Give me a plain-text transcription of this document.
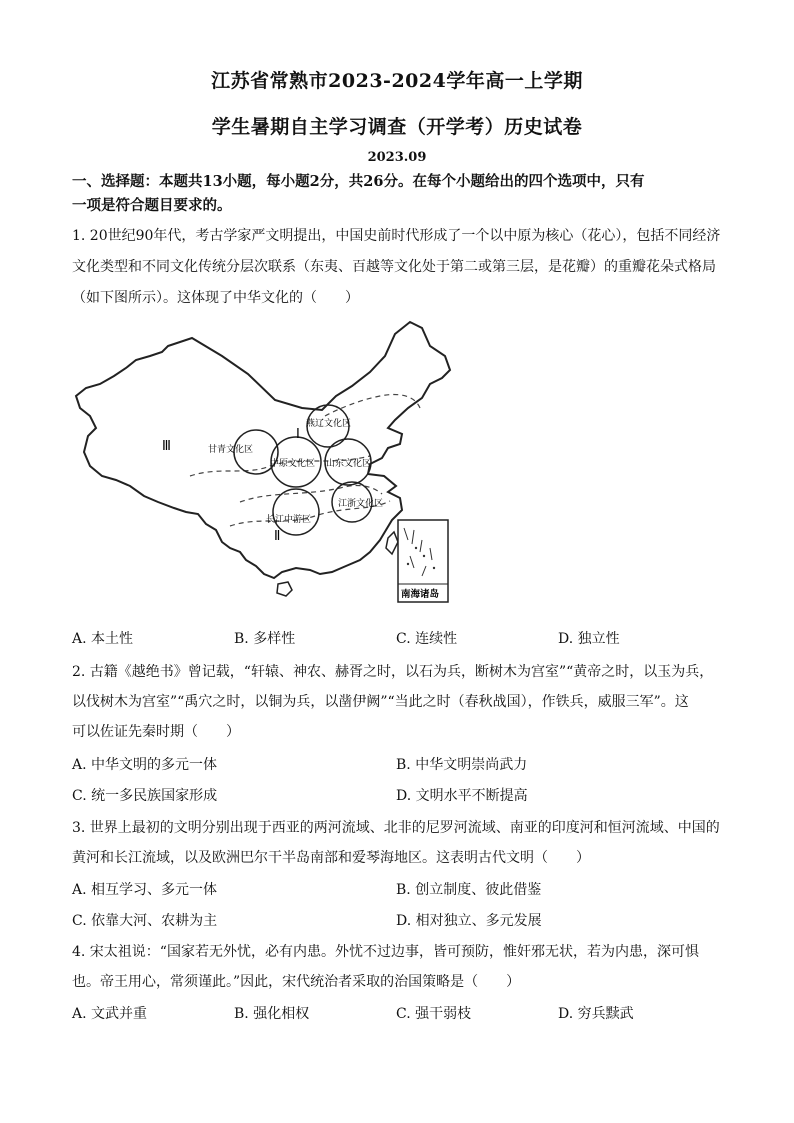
江苏省常熟市2023-2024学年高一上学期
学生暑期自主学习调查（开学考）历史试卷
2023.09
一、选择题：本题共13小题，每小题2分，共26分。在每个小题给出的四个选项中，只有
一项是符合题目要求的。
1. 20世纪90年代，考古学家严文明提出，中国史前时代形成了一个以中原为核心（花心），包括不同经济
文化类型和不同文化传统分层次联系（东夷、百越等文化处于第二或第三层，是花瓣）的重瓣花朵式格局
（如下图所示）。这体现了中华文化的（　　）
燕辽文化区
甘青文化区
中原文化区 山东文化区
长江中游区
江浙文化区
Ⅰ
Ⅱ
Ⅲ
南海诸岛
A. 本土性	B. 多样性	C. 连续性	D. 独立性
2. 古籍《越绝书》曾记载，“轩辕、神农、赫胥之时，以石为兵，断树木为宫室”“黄帝之时，以玉为兵，
以伐树木为宫室”“禹穴之时，以铜为兵，以凿伊阙”“当此之时（春秋战国），作铁兵，威服三军”。这
可以佐证先秦时期（　　）
A. 中华文明的多元一体	B. 中华文明崇尚武力
C. 统一多民族国家形成	D. 文明水平不断提高
3. 世界上最初的文明分别出现于西亚的两河流域、北非的尼罗河流域、南亚的印度河和恒河流域、中国的
黄河和长江流域，以及欧洲巴尔干半岛南部和爱琴海地区。这表明古代文明（　　）
A. 相互学习、多元一体	B. 创立制度、彼此借鉴
C. 依靠大河、农耕为主	D. 相对独立、多元发展
4. 宋太祖说：“国家若无外忧，必有内患。外忧不过边事，皆可预防，惟奸邪无状，若为内患，深可惧
也。帝王用心，常须谨此。”因此，宋代统治者采取的治国策略是（　　）
A. 文武并重	B. 强化相权	C. 强干弱枝	D. 穷兵黩武
